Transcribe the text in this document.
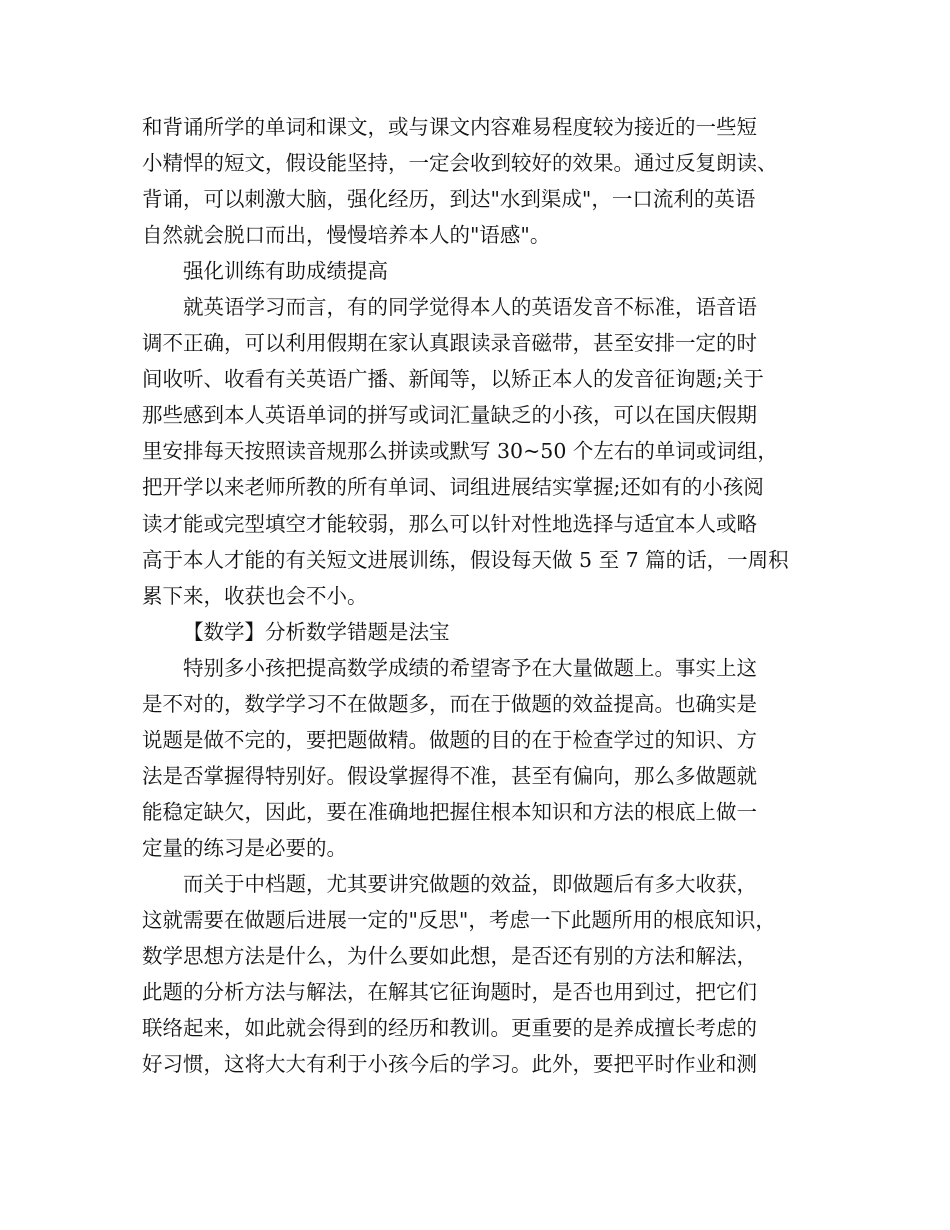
和背诵所学的单词和课文，或与课文内容难易程度较为接近的一些短
小精悍的短文，假设能坚持，一定会收到较好的效果。通过反复朗读、
背诵，可以刺激大脑，强化经历，到达"水到渠成"，一口流利的英语
自然就会脱口而出，慢慢培养本人的"语感"。
强化训练有助成绩提高
就英语学习而言，有的同学觉得本人的英语发音不标准，语音语
调不正确，可以利用假期在家认真跟读录音磁带，甚至安排一定的时
间收听、收看有关英语广播、新闻等，以矫正本人的发音征询题;关于
那些感到本人英语单词的拼写或词汇量缺乏的小孩，可以在国庆假期
里安排每天按照读音规那么拼读或默写 30~50 个左右的单词或词组，
把开学以来老师所教的所有单词、词组进展结实掌握;还如有的小孩阅
读才能或完型填空才能较弱，那么可以针对性地选择与适宜本人或略
高于本人才能的有关短文进展训练，假设每天做 5 至 7 篇的话，一周积
累下来，收获也会不小。
【数学】分析数学错题是法宝
特别多小孩把提高数学成绩的希望寄予在大量做题上。事实上这
是不对的，数学学习不在做题多，而在于做题的效益提高。也确实是
说题是做不完的，要把题做精。做题的目的在于检查学过的知识、方
法是否掌握得特别好。假设掌握得不准，甚至有偏向，那么多做题就
能稳定缺欠，因此，要在准确地把握住根本知识和方法的根底上做一
定量的练习是必要的。
而关于中档题，尤其要讲究做题的效益，即做题后有多大收获，
这就需要在做题后进展一定的"反思"，考虑一下此题所用的根底知识，
数学思想方法是什么，为什么要如此想，是否还有别的方法和解法，
此题的分析方法与解法，在解其它征询题时，是否也用到过，把它们
联络起来，如此就会得到的经历和教训。更重要的是养成擅长考虑的
好习惯，这将大大有利于小孩今后的学习。此外，要把平时作业和测
